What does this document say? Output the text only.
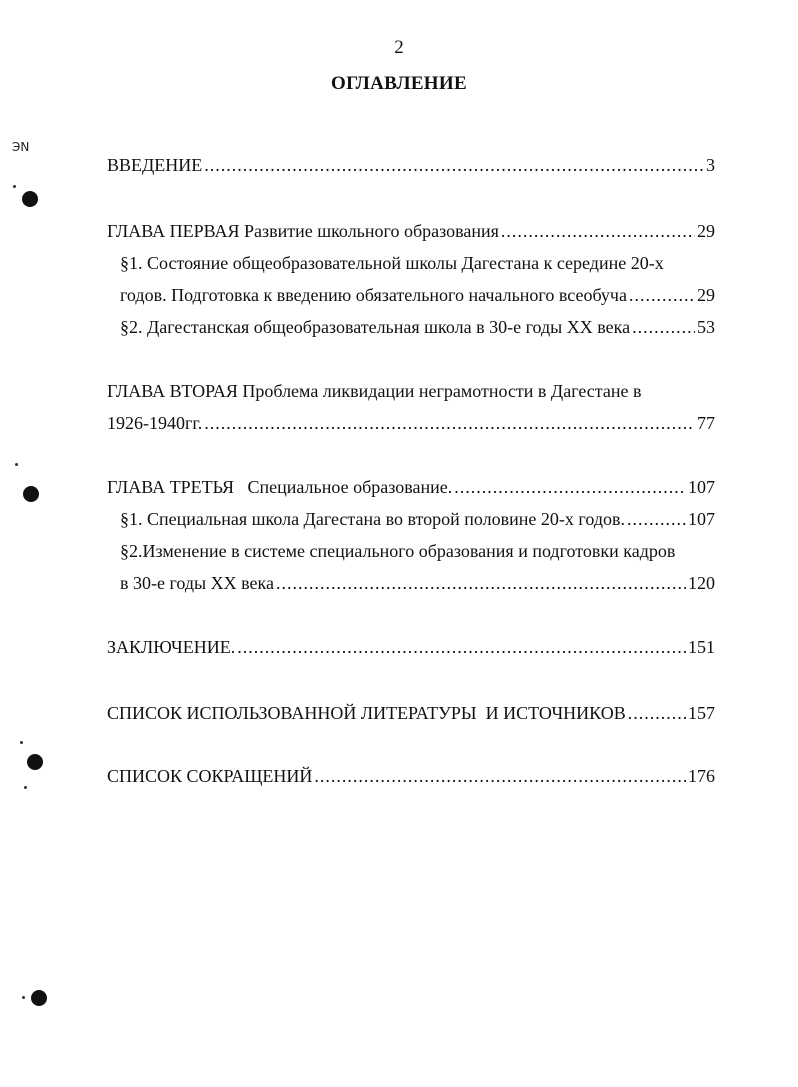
ЭΝ
2
ОГЛАВЛЕНИЕ
ВВЕДЕНИЕ .....	3
ГЛАВА ПЕРВАЯ Развитие школьного образования .....	29
§1. Состояние общеобразовательной школы Дагестана к середине 20-х
годов. Подготовка к введению обязательного начального всеобуча .....	29
§2. Дагестанская общеобразовательная школа в 30-е годы XX века .....	53
ГЛАВА ВТОРАЯ Проблема ликвидации неграмотности в Дагестане в
1926-1940гг. .....	77
ГЛАВА ТРЕТЬЯ   Специальное образование. .....	107
§1. Специальная школа Дагестана во второй половине 20-х годов. .....	107
§2.Изменение в системе специального образования и подготовки кадров
в 30-е годы XX века .....	120
ЗАКЛЮЧЕНИЕ. .....	151
СПИСОК ИСПОЛЬЗОВАННОЙ ЛИТЕРАТУРЫ  И ИСТОЧНИКОВ .....	157
СПИСОК СОКРАЩЕНИЙ .....	176
